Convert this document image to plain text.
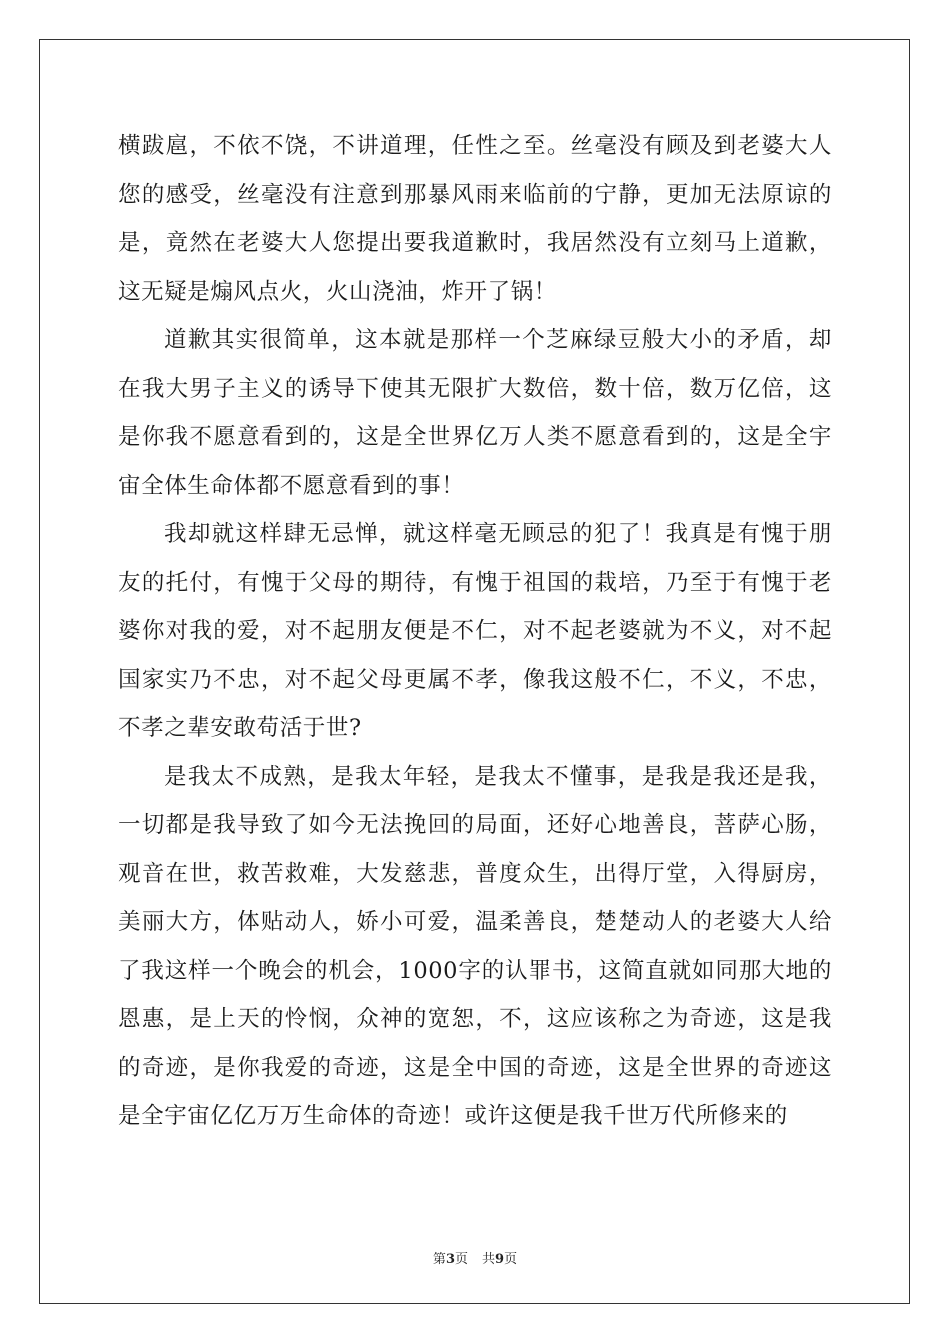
横跋扈，不依不饶，不讲道理，任性之至。丝毫没有顾及到老婆大人您的感受，丝毫没有注意到那暴风雨来临前的宁静，更加无法原谅的是，竟然在老婆大人您提出要我道歉时，我居然没有立刻马上道歉，这无疑是煽风点火，火山浇油，炸开了锅！

道歉其实很简单，这本就是那样一个芝麻绿豆般大小的矛盾，却在我大男子主义的诱导下使其无限扩大数倍，数十倍，数万亿倍，这是你我不愿意看到的，这是全世界亿万人类不愿意看到的，这是全宇宙全体生命体都不愿意看到的事！

我却就这样肆无忌惮，就这样毫无顾忌的犯了！我真是有愧于朋友的托付，有愧于父母的期待，有愧于祖国的栽培，乃至于有愧于老婆你对我的爱，对不起朋友便是不仁，对不起老婆就为不义，对不起国家实乃不忠，对不起父母更属不孝，像我这般不仁，不义，不忠，不孝之辈安敢苟活于世?

是我太不成熟，是我太年轻，是我太不懂事，是我是我还是我，一切都是我导致了如今无法挽回的局面，还好心地善良，菩萨心肠，观音在世，救苦救难，大发慈悲，普度众生，出得厅堂，入得厨房，美丽大方，体贴动人，娇小可爱，温柔善良，楚楚动人的老婆大人给了我这样一个晚会的机会，1000字的认罪书，这简直就如同那大地的恩惠，是上天的怜悯，众神的宽恕，不，这应该称之为奇迹，这是我的奇迹，是你我爱的奇迹，这是全中国的奇迹，这是全世界的奇迹这是全宇宙亿亿万万生命体的奇迹！或许这便是我千世万代所修来的

第3页 共9页
